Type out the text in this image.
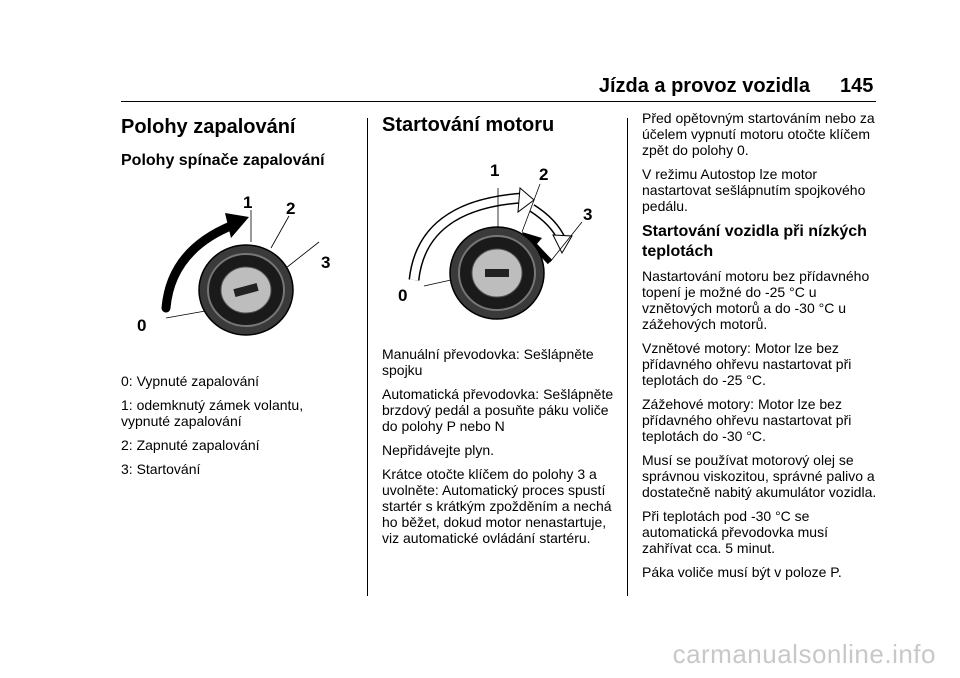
Jízda a provoz vozidla 145
Polohy zapalování
Polohy spínače zapalování
0
1 2
3

0: Vypnuté zapalování

1: odemknutý zámek volantu, vypnuté zapalování

2: Zapnuté zapalování

3: Startování

Startování motoru
0
1 2
3

Manuální převodovka: Sešlápněte spojku

Automatická převodovka: Sešlápněte brzdový pedál a posuňte páku voliče do polohy P nebo N

Nepřidávejte plyn.

Krátce otočte klíčem do polohy 3 a uvolněte: Automatický proces spustí startér s krátkým zpožděním a nechá ho běžet, dokud motor nenastartuje, viz automatické ovládání startéru.

Před opětovným startováním nebo za účelem vypnutí motoru otočte klíčem zpět do polohy 0.

V režimu Autostop lze motor nastartovat sešlápnutím spojkového pedálu.

Startování vozidla při nízkých teplotách

Nastartování motoru bez přídavného topení je možné do -25 °C u vznětových motorů a do -30 °C u zážehových motorů.

Vznětové motory: Motor lze bez přídavného ohřevu nastartovat při teplotách do -25 °C.

Zážehové motory: Motor lze bez přídavného ohřevu nastartovat při teplotách do -30 °C.

Musí se používat motorový olej se správnou viskozitou, správné palivo a dostatečně nabitý akumulátor vozidla.

Při teplotách pod -30 °C se automatická převodovka musí zahřívat cca. 5 minut.

Páka voliče musí být v poloze P.

carmanualsonline.info
